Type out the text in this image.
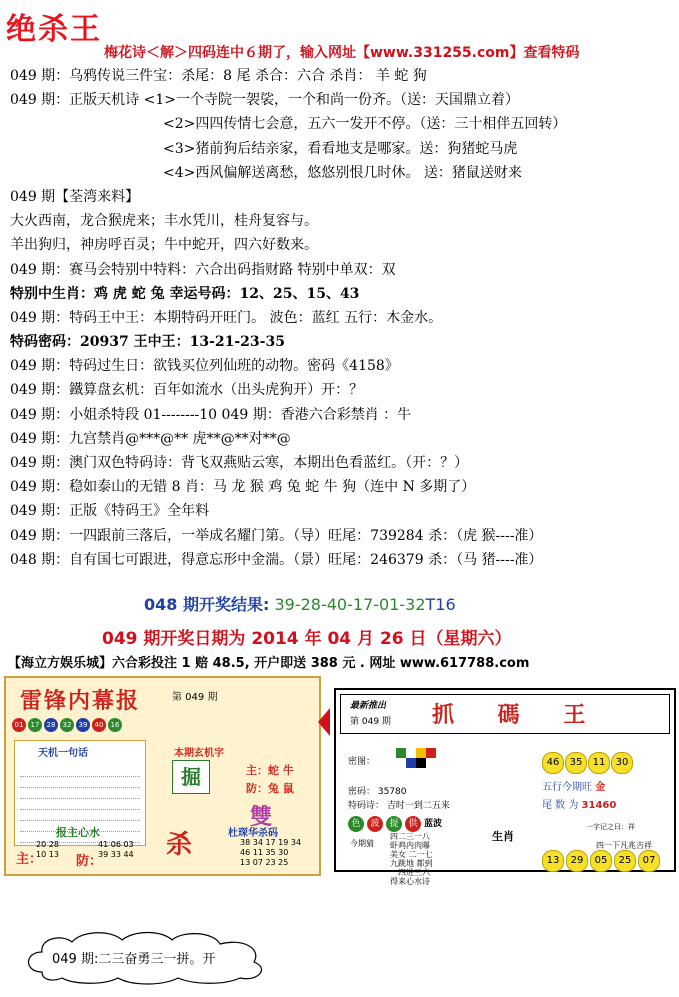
绝杀王
梅花诗＜解＞四码连中６期了，输入网址【www.331255.com】查看特码
049 期：乌鸦传说三件宝：杀尾：8 尾 杀合：六合 杀肖： 羊 蛇 狗
049 期：正版天机诗 <1>一个寺院一袈裟，一个和尚一份齐。（送：天国鼎立着）
<2>四四传情七会意，五六一发开不停。（送：三十相伴五回转）
<3>猪前狗后结亲家，看看地支是哪家。送：狗猪蛇马虎
<4>西风偏解送离愁，悠悠别恨几时休。 送：猪鼠送财来
049 期【荃湾来料】
大火西南，龙合猴虎来；丰水凭川，桂舟复容与。
羊出狗归，神房呼百灵；牛中蛇开，四六好数来。
049 期：赛马会特别中特料：六合出码指财路 特别中单双：双
特别中生肖：鸡 虎 蛇 兔 幸运号码：12、25、15、43
049 期：特码王中王：本期特码开旺门。 波色：蓝红 五行：木金水。
特码密码：20937 王中王：13-21-23-35
049 期：特码过生日：欲钱买位列仙班的动物。密码《4158》
049 期：鐵算盘玄机：百年如流水（出头虎狗开）开：？
049 期：小姐杀特段 01--------10 049 期：香港六合彩禁肖 ：牛
049 期：九宫禁肖@***@** 虎**@**对**@
049 期：澳门双色特码诗：背飞双燕贴云寒，本期出色看蓝红。（开：？）
049 期：稳如泰山的无错 8 肖：马 龙 猴 鸡 兔 蛇 牛 狗（连中 N 多期了）
049 期：正版《特码王》全年料
049 期：一四跟前三落后，一举成名耀门第。（导）旺尾：739284 杀：（虎 猴----准）
048 期：自有国七可跟进，得意忘形中金湍。（景）旺尾：246379 杀：（马 猪----准）
048 期开奖结果: 39-28-40-17-01-32T16
049 期开奖日期为 2014 年 04 月 26 日（星期六）
【海立方娱乐城】六合彩投注 1 赔 48.5, 开户即送 388 元 . 网址 www.617788.com
雷锋内幕报	第 049 期
01 17 28 32 39 40 16
天机一句话	本期玄机字
掘	主：蛇 牛
防：兔 鼠
雙
报主心水
主：	防：
20 28
10 13
41 06 03
39 33 44 杀	杜琛华杀码
38 34 17 19 34
46 11 35 30
13 07 23 25
最新推出
第 049 期 抓 碼 王
密图：
密码： 35780
特码诗： 吉时一到二五来
46 35 11 30
五行今期旺 金
尾 数 为 31460
色 波 提 供 蓝波
生肖
今期猜
四二三一八
虾鸡内肉曝
美女 二一七
九跳地 都到
一四进三六
得来心水诗
一字记之曰：祥
四一下凡兆吉祥
13 29 05 25 07
049 期:二三奋勇三一拼。开
